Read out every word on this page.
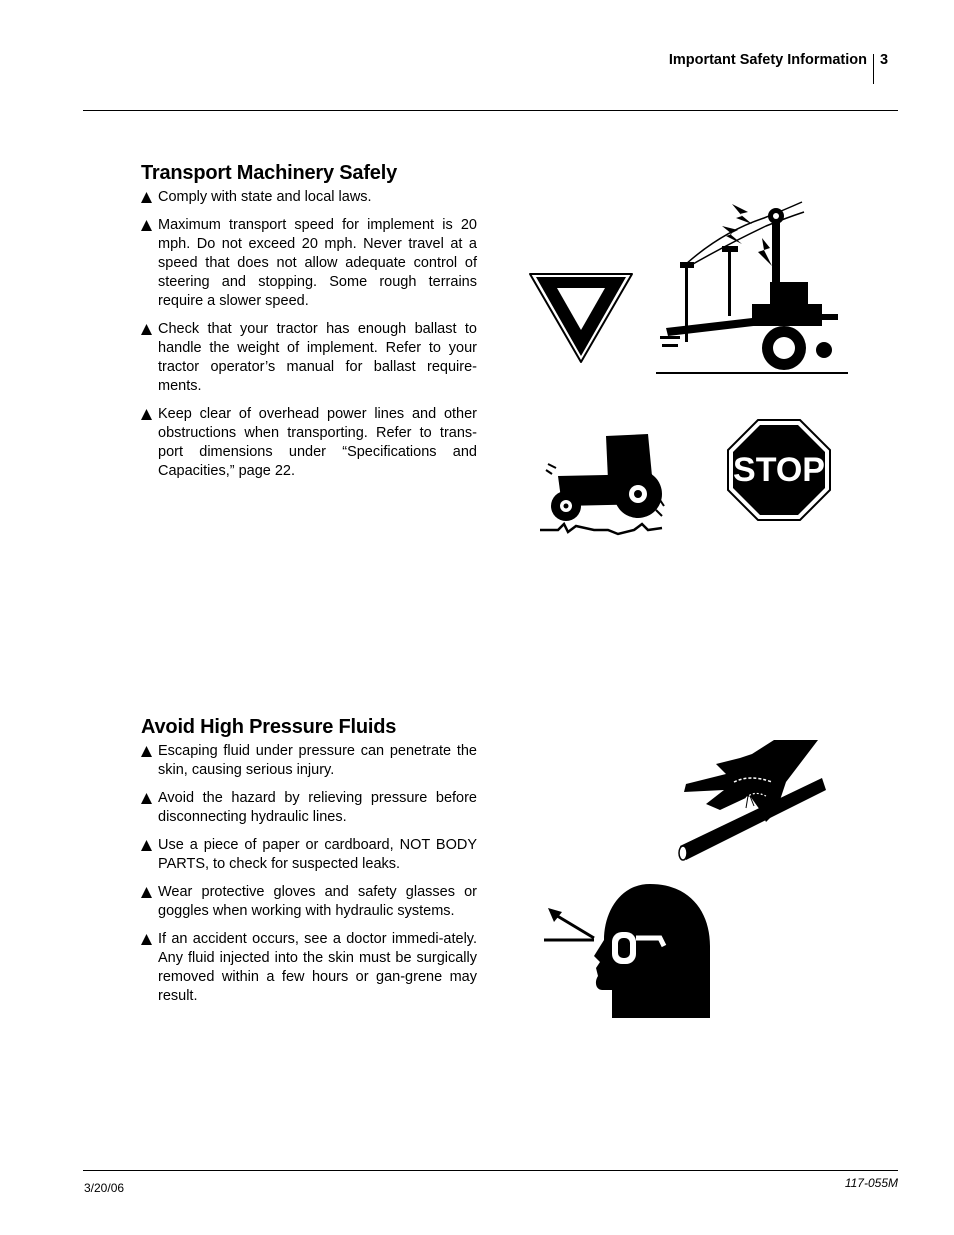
Important Safety Information 3
Transport Machinery Safely
Comply with state and local laws.
Maximum transport speed for implement is 20 mph. Do not exceed 20 mph. Never travel at a speed that does not allow adequate control of steering and stopping. Some rough terrains require a slower speed.
Check that your tractor has enough ballast to handle the weight of implement. Refer to your tractor operator’s manual for ballast require-ments.
Keep clear of overhead power lines and other obstructions when transporting. Refer to trans-port dimensions under “Specifications and Capacities,” page 22.
Avoid High Pressure Fluids
Escaping fluid under pressure can penetrate the skin, causing serious injury.
Avoid the hazard by relieving pressure before disconnecting hydraulic lines.
Use a piece of paper or cardboard, NOT BODY PARTS, to check for suspected leaks.
Wear protective gloves and safety glasses or goggles when working with hydraulic systems.
If an accident occurs, see a doctor immedi-ately. Any fluid injected into the skin must be surgically removed within a few hours or gan-grene may result.
STOP
3/20/06	117-055M
